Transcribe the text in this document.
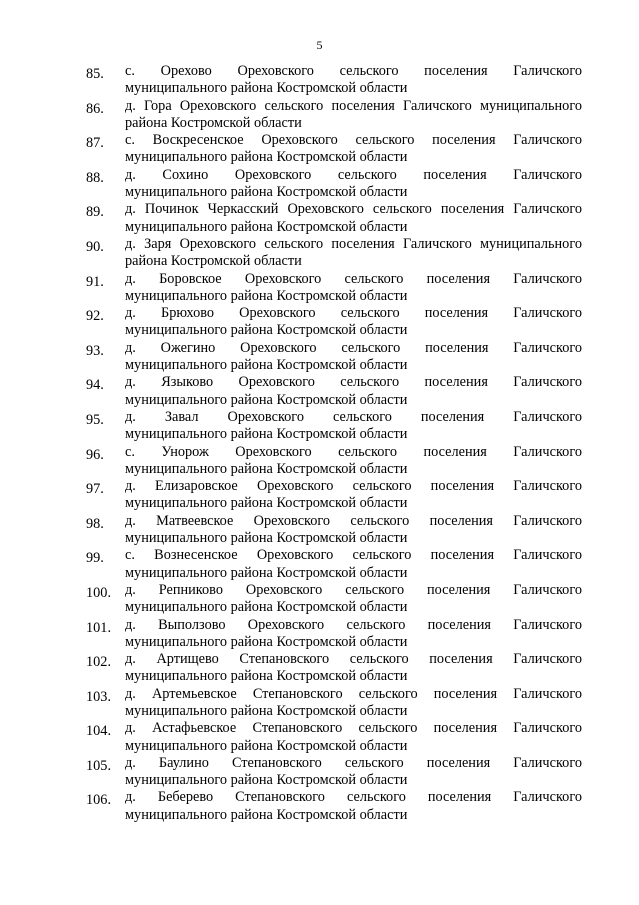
5
85.	с. Орехово Ореховского сельского поселения Галичского
муниципального района Костромской области
86.	д. Гора Ореховского сельского поселения Галичского муниципального
района Костромской области
87.	с. Воскресенское Ореховского сельского поселения Галичского
муниципального района Костромской области
88.	д. Сохино Ореховского сельского поселения Галичского
муниципального района Костромской области
89.	д. Починок Черкасский Ореховского сельского поселения Галичского
муниципального района Костромской области
90.	д. Заря Ореховского сельского поселения Галичского муниципального
района Костромской области
91.	д. Боровское Ореховского сельского поселения Галичского
муниципального района Костромской области
92.	д. Брюхово Ореховского сельского поселения Галичского
муниципального района Костромской области
93.	д. Ожегино Ореховского сельского поселения Галичского
муниципального района Костромской области
94.	д. Языково Ореховского сельского поселения Галичского
муниципального района Костромской области
95.	д. Завал Ореховского сельского поселения Галичского
муниципального района Костромской области
96.	с. Унорож Ореховского сельского поселения Галичского
муниципального района Костромской области
97.	д. Елизаровское Ореховского сельского поселения Галичского
муниципального района Костромской области
98.	д. Матвеевское Ореховского сельского поселения Галичского
муниципального района Костромской области
99.	с. Вознесенское Ореховского сельского поселения Галичского
муниципального района Костромской области
100. д. Репниково Ореховского сельского поселения Галичского
муниципального района Костромской области
101. д. Выползово Ореховского сельского поселения Галичского
муниципального района Костромской области
102. д. Артищево Степановского сельского поселения Галичского
муниципального района Костромской области
103. д. Артемьевское Степановского сельского поселения Галичского
муниципального района Костромской области
104. д. Астафьевское Степановского сельского поселения Галичского
муниципального района Костромской области
105. д. Баулино Степановского сельского поселения Галичского
муниципального района Костромской области
106. д. Беберево Степановского сельского поселения Галичского
муниципального района Костромской области
